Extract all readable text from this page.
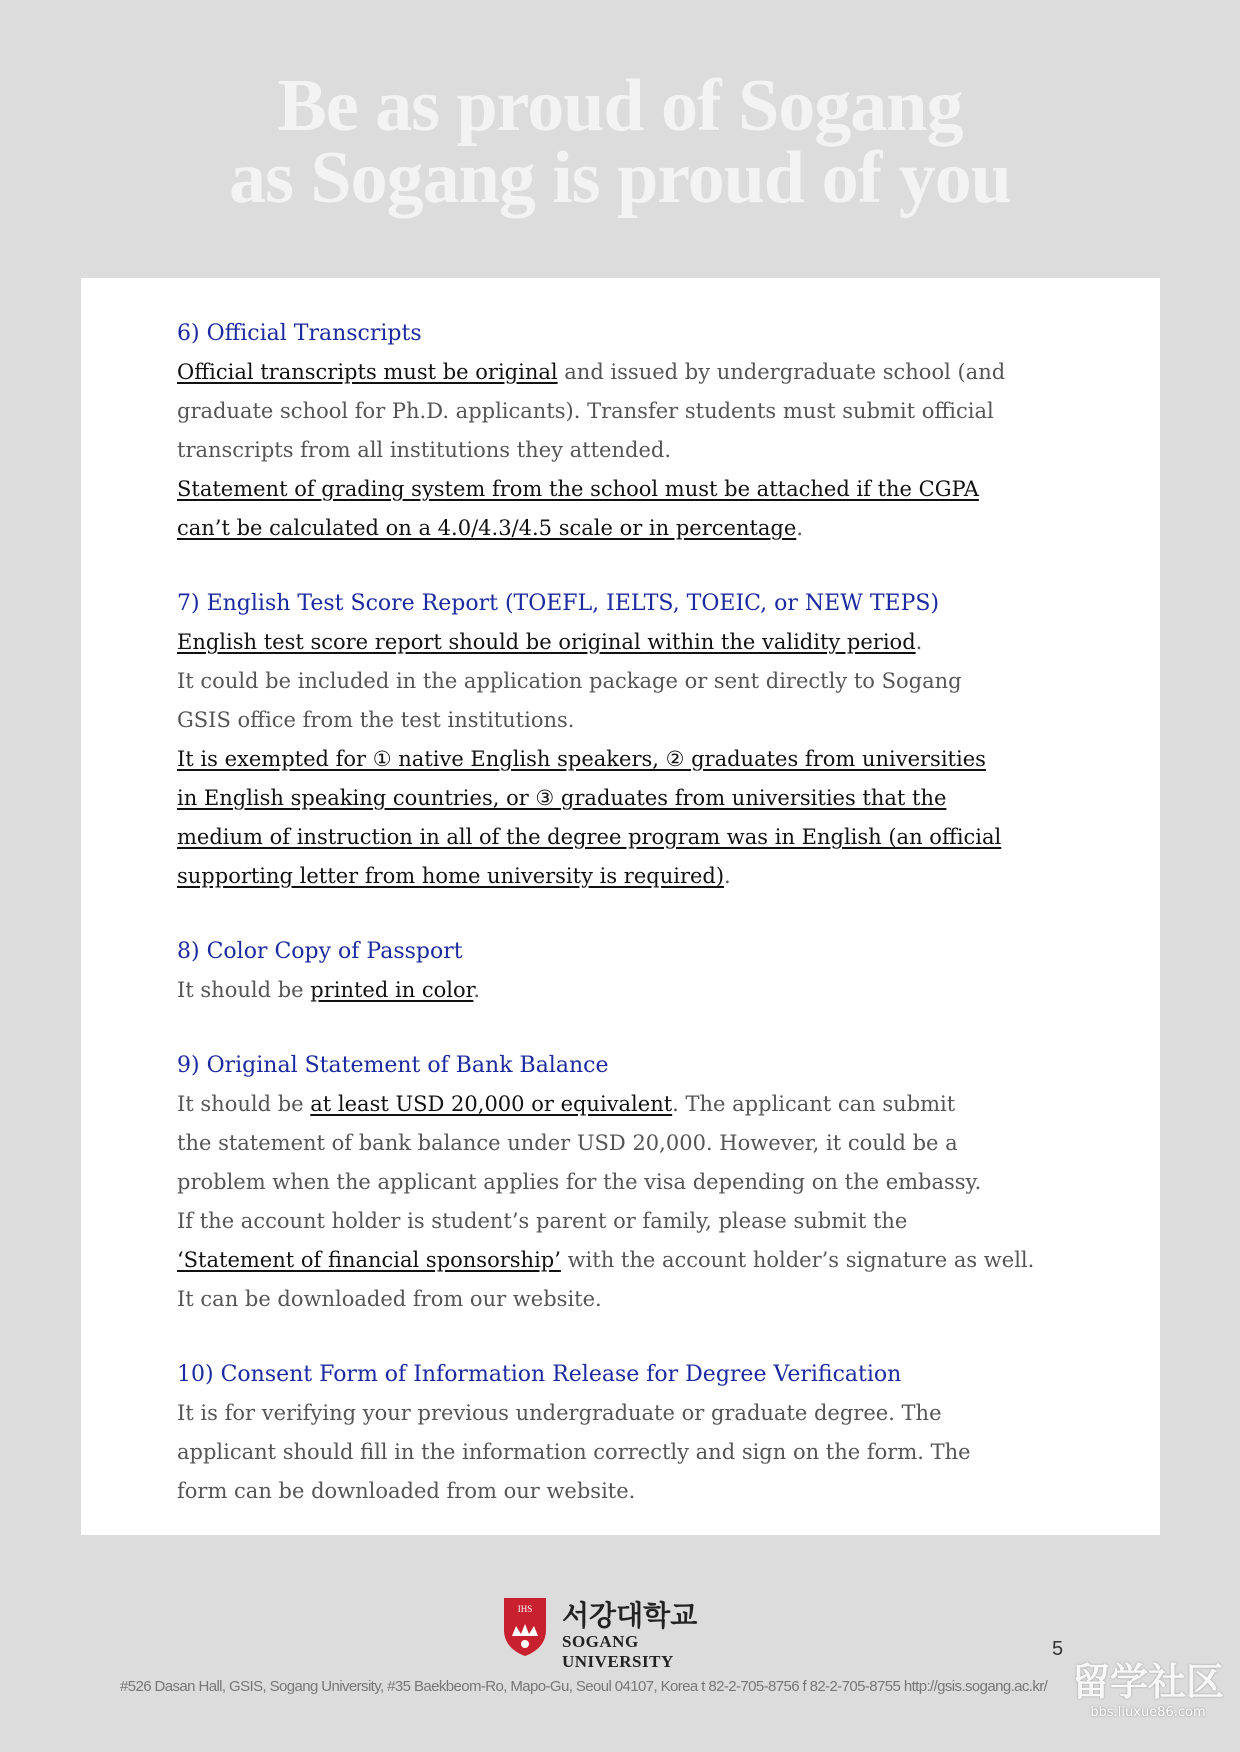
Be as proud of Sogang
as Sogang is proud of you

6) Official Transcripts

Official transcripts must be original and issued by undergraduate school (and

graduate school for Ph.D. applicants). Transfer students must submit official

transcripts from all institutions they attended.

Statement of grading system from the school must be attached if the CGPA

can’t be calculated on a 4.0/4.3/4.5 scale or in percentage.

7) English Test Score Report (TOEFL, IELTS, TOEIC, or NEW TEPS)

English test score report should be original within the validity period.

It could be included in the application package or sent directly to Sogang

GSIS office from the test institutions.

It is exempted for ① native English speakers, ② graduates from universities

in English speaking countries, or ③ graduates from universities that the

medium of instruction in all of the degree program was in English (an official

supporting letter from home university is required).

8) Color Copy of Passport

It should be printed in color.

9) Original Statement of Bank Balance

It should be at least USD 20,000 or equivalent. The applicant can submit

the statement of bank balance under USD 20,000. However, it could be a

problem when the applicant applies for the visa depending on the embassy.

If the account holder is student’s parent or family, please submit the

‘Statement of financial sponsorship’ with the account holder’s signature as well.

It can be downloaded from our website.

10) Consent Form of Information Release for Degree Verification

It is for verifying your previous undergraduate or graduate degree. The

applicant should fill in the information correctly and sign on the form. The

form can be downloaded from our website.

IHS 서강대학교
SOGANG UNIVERSITY
5
#526 Dasan Hall, GSIS, Sogang University, #35 Baekbeom-Ro, Mapo-Gu, Seoul 04107, Korea t 82-2-705-8756 f 82-2-705-8755 http://gsis.sogang.ac.kr/ 留学社区
bbs.liuxue86.com
